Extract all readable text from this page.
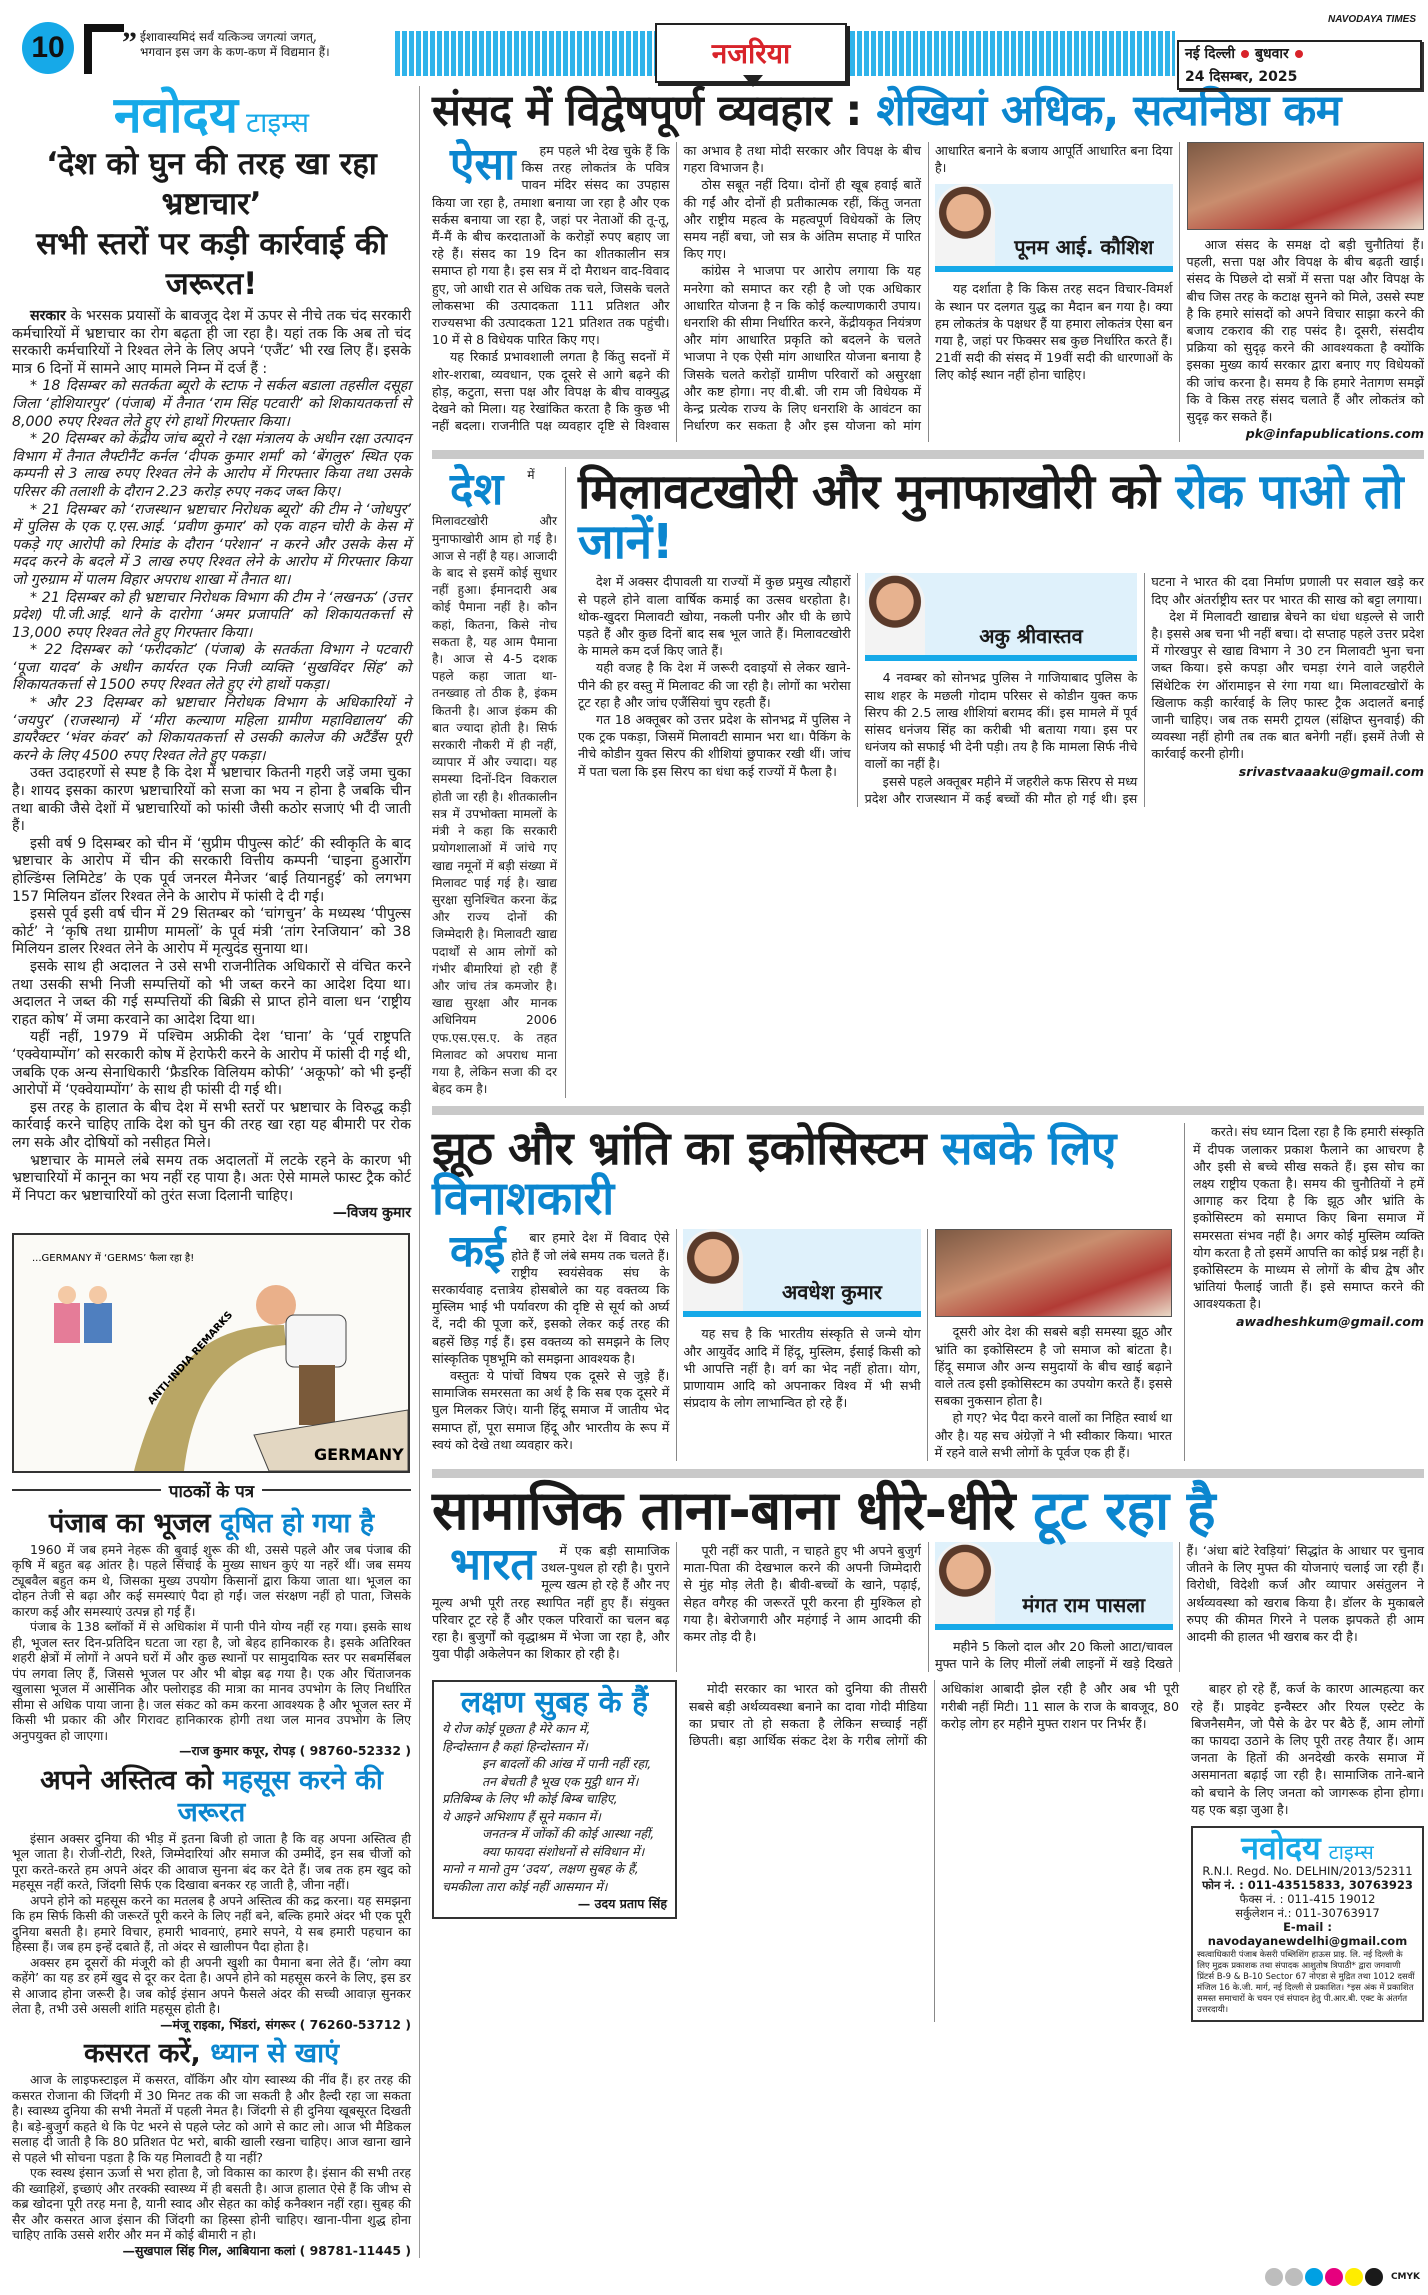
10	” ईशावास्यमिदं सर्वं यत्किञ्च जगत्यां जगत्,
भगवान इस जग के कण-कण में विद्यमान हैं।	नजरिया
NAVODAYA TIMES
नई दिल्ली बुधवार
24 दिसम्बर, 2025
नवोदय टाइम्स
‘देश को घुन की तरह खा रहा भ्रष्टाचार’
सभी स्तरों पर कड़ी कार्रवाई की जरूरत!

सरकार के भरसक प्रयासों के बावजूद देश में ऊपर से नीचे तक चंद सरकारी कर्मचारियों में भ्रष्टाचार का रोग बढ़ता ही जा रहा है। यहां तक कि अब तो चंद सरकारी कर्मचारियों ने रिश्वत लेने के लिए अपने ‘एजैंट’ भी रख लिए हैं। इसके मात्र 6 दिनों में सामने आए मामले निम्न में दर्ज हैं :

* 18 दिसम्बर को सतर्कता ब्यूरो के स्टाफ ने सर्कल बडाला तहसील दसूहा जिला ‘होशियारपुर’ (पंजाब) में तैनात ‘राम सिंह पटवारी’ को शिकायतकर्त्ता से 8,000 रुपए रिश्वत लेते हुए रंगे हाथों गिरफ्तार किया।

* 20 दिसम्बर को केंद्रीय जांच ब्यूरो ने रक्षा मंत्रालय के अधीन रक्षा उत्पादन विभाग में तैनात लैफ्टीनैंट कर्नल ‘दीपक कुमार शर्मा’ को ‘बेंगलुरु’ स्थित एक कम्पनी से 3 लाख रुपए रिश्वत लेने के आरोप में गिरफ्तार किया तथा उसके परिसर की तलाशी के दौरान 2.23 करोड़ रुपए नकद जब्त किए।

* 21 दिसम्बर को ‘राजस्थान भ्रष्टाचार निरोधक ब्यूरो’ की टीम ने ‘जोधपुर’ में पुलिस के एक ए.एस.आई. ‘प्रवीण कुमार’ को एक वाहन चोरी के केस में पकड़े गए आरोपी को रिमांड के दौरान ‘परेशान’ न करने और उसके केस में मदद करने के बदले में 3 लाख रुपए रिश्वत लेने के आरोप में गिरफ्तार किया जो गुरुग्राम में पालम विहार अपराध शाखा में तैनात था।

* 21 दिसम्बर को ही भ्रष्टाचार निरोधक विभाग की टीम ने ‘लखनऊ’ (उत्तर प्रदेश) पी.जी.आई. थाने के दारोगा ‘अमर प्रजापति’ को शिकायतकर्त्ता से 13,000 रुपए रिश्वत लेते हुए गिरफ्तार किया।

* 22 दिसम्बर को ‘फरीदकोट’ (पंजाब) के सतर्कता विभाग ने पटवारी ‘पूजा यादव’ के अधीन कार्यरत एक निजी व्यक्ति ‘सुखविंदर सिंह’ को शिकायतकर्त्ता से 1500 रुपए रिश्वत लेते हुए रंगे हाथों पकड़ा।

* और 23 दिसम्बर को भ्रष्टाचार निरोधक विभाग के अधिकारियों ने ‘जयपुर’ (राजस्थान) में ‘मीरा कल्याण महिला ग्रामीण महाविद्यालय’ की डायरैक्टर ‘भंवर कंवर’ को शिकायतकर्त्ता से उसकी कालेज की अटैंडैंस पूरी करने के लिए 4500 रुपए रिश्वत लेते हुए पकड़ा।

उक्त उदाहरणों से स्पष्ट है कि देश में भ्रष्टाचार कितनी गहरी जड़ें जमा चुका है। शायद इसका कारण भ्रष्टाचारियों को सजा का भय न होना है जबकि चीन तथा बाकी जैसे देशों में भ्रष्टाचारियों को फांसी जैसी कठोर सजाएं भी दी जाती हैं।

इसी वर्ष 9 दिसम्बर को चीन में ‘सुप्रीम पीपुल्स कोर्ट’ की स्वीकृति के बाद भ्रष्टाचार के आरोप में चीन की सरकारी वित्तीय कम्पनी ‘चाइना हुआरोंग होल्डिंग्स लिमिटेड’ के एक पूर्व जनरल मैनेजर ‘बाई तियानहुई’ को लगभग 157 मिलियन डॉलर रिश्वत लेने के आरोप में फांसी दे दी गई।

इससे पूर्व इसी वर्ष चीन में 29 सितम्बर को ‘चांगचुन’ के मध्यस्थ ‘पीपुल्स कोर्ट’ ने ‘कृषि तथा ग्रामीण मामलों’ के पूर्व मंत्री ‘तांग रेनजियान’ को 38 मिलियन डालर रिश्वत लेने के आरोप में मृत्युदंड सुनाया था।

इसके साथ ही अदालत ने उसे सभी राजनीतिक अधिकारों से वंचित करने तथा उसकी सभी निजी सम्पत्तियों को भी जब्त करने का आदेश दिया था। अदालत ने जब्त की गई सम्पत्तियों की बिक्री से प्राप्त होने वाला धन ‘राष्ट्रीय राहत कोष’ में जमा करवाने का आदेश दिया था।

यहीं नहीं, 1979 में पश्चिम अफ्रीकी देश ‘घाना’ के ‘पूर्व राष्ट्रपति ‘एक्वेयाम्पोंग’ को सरकारी कोष में हेराफेरी करने के आरोप में फांसी दी गई थी, जबकि एक अन्य सेनाधिकारी ‘फ्रैडरिक विलियम कोफी’ ‘अकूफो’ को भी इन्हीं आरोपों में ‘एक्वेयाम्पोंग’ के साथ ही फांसी दी गई थी।

इस तरह के हालात के बीच देश में सभी स्तरों पर भ्रष्टाचार के विरुद्ध कड़ी कार्रवाई करने चाहिए ताकि देश को घुन की तरह खा रहा यह बीमारी पर रोक लग सके और दोषियों को नसीहत मिले।

भ्रष्टाचार के मामले लंबे समय तक अदालतों में लटके रहने के कारण भी भ्रष्टाचारियों में कानून का भय नहीं रह पाया है। अतः ऐसे मामले फास्ट ट्रैक कोर्ट में निपटा कर भ्रष्टाचारियों को तुरंत सजा दिलानी चाहिए।

—विजय कुमार
...GERMANY में ‘GERMS’ फैला रहा है!
ANTI-INDIA REMARKS
GERMANY
पाठकों के पत्र
पंजाब का भूजल दूषित हो गया है

1960 में जब हमने नेहरू की बुवाई शुरू की थी, उससे पहले और जब पंजाब की कृषि में बहुत बढ़ आंतर है। पहले सिंचाई के मुख्य साधन कुएं या नहरें थीं। जब समय ट्यूबवैल बहुत कम थे, जिसका मुख्य उपयोग किसानों द्वारा किया जाता था। भूजल का दोहन तेजी से बढ़ा और कई समस्याएं पैदा हो गईं। जल संरक्षण नहीं हो पाता, जिसके कारण कई और समस्याएं उत्पन्न हो गई हैं।

पंजाब के 138 ब्लॉकों में से अधिकांश में पानी पीने योग्य नहीं रह गया। इसके साथ ही, भूजल स्तर दिन-प्रतिदिन घटता जा रहा है, जो बेहद हानिकारक है। इसके अतिरिक्त शहरी क्षेत्रों में लोगों ने अपने घरों में और कुछ स्थानों पर सामुदायिक स्तर पर सबमर्सिबल पंप लगवा लिए हैं, जिससे भूजल पर और भी बोझ बढ़ गया है। एक और चिंताजनक खुलासा भूजल में आर्सेनिक और फ्लोराइड की मात्रा का मानव उपभोग के लिए निर्धारित सीमा से अधिक पाया जाना है। जल संकट को कम करना आवश्यक है और भूजल स्तर में किसी भी प्रकार की और गिरावट हानिकारक होगी तथा जल मानव उपभोग के लिए अनुपयुक्त हो जाएगा।

—राज कुमार कपूर, रोपड़ ( 98760-52332 )
अपने अस्तित्व को महसूस करने की जरूरत

इंसान अक्सर दुनिया की भीड़ में इतना बिजी हो जाता है कि वह अपना अस्तित्व ही भूल जाता है। रोजी-रोटी, रिश्ते, जिम्मेदारियां और समाज की उम्मीदें, इन सब चीजों को पूरा करते-करते हम अपने अंदर की आवाज सुनना बंद कर देते हैं। जब तक हम खुद को महसूस नहीं करते, जिंदगी सिर्फ एक दिखावा बनकर रह जाती है, जीना नहीं।

अपने होने को महसूस करने का मतलब है अपने अस्तित्व की कद्र करना। यह समझना कि हम सिर्फ किसी की जरूरतें पूरी करने के लिए नहीं बने, बल्कि हमारे अंदर भी एक पूरी दुनिया बसती है। हमारे विचार, हमारी भावनाएं, हमारे सपने, ये सब हमारी पहचान का हिस्सा हैं। जब हम इन्हें दबाते हैं, तो अंदर से खालीपन पैदा होता है।

अक्सर हम दूसरों की मंजूरी को ही अपनी खुशी का पैमाना बना लेते हैं। ‘लोग क्या कहेंगे’ का यह डर हमें खुद से दूर कर देता है। अपने होने को महसूस करने के लिए, इस डर से आजाद होना जरूरी है। जब कोई इंसान अपने फैसले अंदर की सच्ची आवाज़ सुनकर लेता है, तभी उसे असली शांति महसूस होती है।

—मंजू राइका, भिंडरां, संगरूर ( 76260-53712 )
कसरत करें, ध्यान से खाएं

आज के लाइफस्टाइल में कसरत, वॉकिंग और योग स्वास्थ्य की नींव हैं। हर तरह की कसरत रोजाना की जिंदगी में 30 मिनट तक की जा सकती है और हैल्दी रहा जा सकता है। स्वास्थ्य दुनिया की सभी नेमतों में पहली नेमत है। जिंदगी से ही दुनिया खूबसूरत दिखती है। बड़े-बुजुर्ग कहते थे कि पेट भरने से पहले प्लेट को आगे से काट लो। आज भी मैडिकल सलाह दी जाती है कि 80 प्रतिशत पेट भरो, बाकी खाली रखना चाहिए। आज खाना खाने से पहले भी सोचना पड़ता है कि यह मिलावटी है या नहीं?

एक स्वस्थ इंसान ऊर्जा से भरा होता है, जो विकास का कारण है। इंसान की सभी तरह की ख्वाहिशें, इच्छाएं और तरक्की स्वास्थ्य में ही बसती है। आज हालात ऐसे हैं कि जीभ से कब्र खोदना पूरी तरह मना है, यानी स्वाद और सेहत का कोई कनैक्शन नहीं रहा। सुबह की सैर और कसरत आज इंसान की जिंदगी का हिस्सा होनी चाहिए। खाना-पीना शुद्ध होना चाहिए ताकि उससे शरीर और मन में कोई बीमारी न हो।

—सुखपाल सिंह गिल, आबियाना कलां ( 98781-11445 )
संसद में विद्वेषपूर्ण व्यवहार : शेखियां अधिक, सत्यनिष्ठा कम

ऐसा हम पहले भी देख चुके हैं कि किस तरह लोकतंत्र के पवित्र पावन मंदिर संसद का उपहास किया जा रहा है, तमाशा बनाया जा रहा है और एक सर्कस बनाया जा रहा है, जहां पर नेताओं की तू-तू, मैं-मैं के बीच करदाताओं के करोड़ों रुपए बहाए जा रहे हैं। संसद का 19 दिन का शीतकालीन सत्र समाप्त हो गया है। इस सत्र में दो मैराथन वाद-विवाद हुए, जो आधी रात से अधिक तक चले, जिसके चलते लोकसभा की उत्पादकता 111 प्रतिशत और राज्यसभा की उत्पादकता 121 प्रतिशत तक पहुंची। 10 में से 8 विधेयक पारित किए गए।

यह रिकार्ड प्रभावशाली लगता है किंतु सदनों में शोर-शराबा, व्यवधान, एक दूसरे से आगे बढ़ने की होड़, कटुता, सत्ता पक्ष और विपक्ष के बीच वाक्युद्ध देखने को मिला। यह रेखांकित करता है कि कुछ भी नहीं बदला। राजनीति पक्ष व्यवहार दृष्टि से विश्वास का अभाव है तथा मोदी सरकार और विपक्ष के बीच गहरा विभाजन है।

ठोस सबूत नहीं दिया। दोनों ही खूब हवाई बातें की गईं और दोनों ही प्रतीकात्मक रहीं, किंतु जनता और राष्ट्रीय महत्व के महत्वपूर्ण विधेयकों के लिए समय नहीं बचा, जो सत्र के अंतिम सप्ताह में पारित किए गए।

कांग्रेस ने भाजपा पर आरोप लगाया कि यह मनरेगा को समाप्त कर रही है जो एक अधिकार आधारित योजना है न कि कोई कल्याणकारी उपाय। धनराशि की सीमा निर्धारित करने, केंद्रीयकृत नियंत्रण और मांग आधारित प्रकृति को बदलने के चलते भाजपा ने एक ऐसी मांग आधारित योजना बनाया है जिसके चलते करोड़ों ग्रामीण परिवारों को असुरक्षा और कष्ट होगा। नए वी.बी. जी राम जी विधेयक में केन्द्र प्रत्येक राज्य के लिए धनराशि के आवंटन का निर्धारण कर सकता है और इस योजना को मांग आधारित बनाने के बजाय आपूर्ति आधारित बना दिया है।

पूनम आई. कौशिश

यह दर्शाता है कि किस तरह सदन विचार-विमर्श के स्थान पर दलगत युद्ध का मैदान बन गया है। क्या हम लोकतंत्र के पक्षधर हैं या हमारा लोकतंत्र ऐसा बन गया है, जहां पर फिक्सर सब कुछ निर्धारित करते हैं। 21वीं सदी की संसद में 19वीं सदी की धारणाओं के लिए कोई स्थान नहीं होना चाहिए।

आज संसद के समक्ष दो बड़ी चुनौतियां हैं। पहली, सत्ता पक्ष और विपक्ष के बीच बढ़ती खाई। संसद के पिछले दो सत्रों में सत्ता पक्ष और विपक्ष के बीच जिस तरह के कटाक्ष सुनने को मिले, उससे स्पष्ट है कि हमारे सांसदों को अपने विचार साझा करने की बजाय टकराव की राह पसंद है। दूसरी, संसदीय प्रक्रिया को सुदृढ़ करने की आवश्यकता है क्योंकि इसका मुख्य कार्य सरकार द्वारा बनाए गए विधेयकों की जांच करना है। समय है कि हमारे नेतागण समझें कि वे किस तरह संसद चलाते हैं और लोकतंत्र को सुदृढ़ कर सकते हैं।

pk@infapublications.com

देश में मिलावटखोरी और मुनाफाखोरी आम हो गई है। आज से नहीं है यह। आजादी के बाद से इसमें कोई सुधार नहीं हुआ। ईमानदारी अब कोई पैमाना नहीं है। कौन कहां, कितना, किसे नोच सकता है, यह आम पैमाना है। आज से 4-5 दशक पहले कहा जाता था- तनख्वाह तो ठीक है, इंकम कितनी है। आज इंकम की बात ज्यादा होती है। सिर्फ सरकारी नौकरी में ही नहीं, व्यापार में और ज्यादा। यह समस्या दिनों-दिन विकराल होती जा रही है। शीतकालीन सत्र में उपभोक्ता मामलों के मंत्री ने कहा कि सरकारी प्रयोगशालाओं में जांचे गए खाद्य नमूनों में बड़ी संख्या में मिलावट पाई गई है। खाद्य सुरक्षा सुनिश्चित करना केंद्र और राज्य दोनों की जिम्मेदारी है। मिलावटी खाद्य पदार्थों से आम लोगों को गंभीर बीमारियां हो रही हैं और जांच तंत्र कमजोर है। खाद्य सुरक्षा और मानक अधिनियम 2006 एफ.एस.एस.ए. के तहत मिलावट को अपराध माना गया है, लेकिन सजा की दर बेहद कम है।

मिलावटखोरी और मुनाफाखोरी को रोक पाओ तो जानें!

देश में अक्सर दीपावली या राज्यों में कुछ प्रमुख त्यौहारों से पहले होने वाला वार्षिक कमाई का उत्सव धरहोता है। थोक-खुदरा मिलावटी खोया, नकली पनीर और घी के छापे पड़ते हैं और कुछ दिनों बाद सब भूल जाते हैं। मिलावटखोरी के मामले कम दर्ज किए जाते हैं।

यही वजह है कि देश में जरूरी दवाइयों से लेकर खाने-पीने की हर वस्तु में मिलावट की जा रही है। लोगों का भरोसा टूट रहा है और जांच एजैंसियां चुप रहती हैं।

गत 18 अक्तूबर को उत्तर प्रदेश के सोनभद्र में पुलिस ने एक ट्रक पकड़ा, जिसमें मिलावटी सामान भरा था। पैकिंग के नीचे कोडीन युक्त सिरप की शीशियां छुपाकर रखी थीं। जांच में पता चला कि इस सिरप का धंधा कई राज्यों में फैला है।

अकु श्रीवास्तव

4 नवम्बर को सोनभद्र पुलिस ने गाजियाबाद पुलिस के साथ शहर के मछली गोदाम परिसर से कोडीन युक्त कफ सिरप की 2.5 लाख शीशियां बरामद कीं। इस मामले में पूर्व सांसद धनंजय सिंह का करीबी भी बताया गया। इस पर धनंजय को सफाई भी देनी पड़ी। तय है कि मामला सिर्फ नीचे वालों का नहीं है।

इससे पहले अक्तूबर महीने में जहरीले कफ सिरप से मध्य प्रदेश और राजस्थान में कई बच्चों की मौत हो गई थी। इस घटना ने भारत की दवा निर्माण प्रणाली पर सवाल खड़े कर दिए और अंतर्राष्ट्रीय स्तर पर भारत की साख को बट्टा लगाया।

देश में मिलावटी खाद्यान्न बेचने का धंधा धड़ल्ले से जारी है। इससे अब चना भी नहीं बचा। दो सप्ताह पहले उत्तर प्रदेश में गोरखपुर से खाद्य विभाग ने 30 टन मिलावटी भुना चना जब्त किया। इसे कपड़ा और चमड़ा रंगने वाले जहरीले सिंथेटिक रंग ऑरामाइन से रंगा गया था। मिलावटखोरों के खिलाफ कड़ी कार्रवाई के लिए फास्ट ट्रैक अदालतें बनाई जानी चाहिए। जब तक समरी ट्रायल (संक्षिप्त सुनवाई) की व्यवस्था नहीं होगी तब तक बात बनेगी नहीं। इसमें तेजी से कार्रवाई करनी होगी।

srivastvaaaku@gmail.com

झूठ और भ्रांति का इकोसिस्टम सबके लिए विनाशकारी

कई बार हमारे देश में विवाद ऐसे होते हैं जो लंबे समय तक चलते हैं। राष्ट्रीय स्वयंसेवक संघ के सरकार्यवाह दत्तात्रेय होसबोले का यह वक्तव्य कि मुस्लिम भाई भी पर्यावरण की दृष्टि से सूर्य को अर्घ्य दें, नदी की पूजा करें, इसको लेकर कई तरह की बहसें छिड़ गई हैं। इस वक्तव्य को समझने के लिए सांस्कृतिक पृष्ठभूमि को समझना आवश्यक है।

वस्तुतः ये पांचों विषय एक दूसरे से जुड़े हैं। सामाजिक समरसता का अर्थ है कि सब एक दूसरे में घुल मिलकर जिएं। यानी हिंदू समाज में जातीय भेद समाप्त हों, पूरा समाज हिंदू और भारतीय के रूप में स्वयं को देखे तथा व्यवहार करे।

अवधेश कुमार

यह सच है कि भारतीय संस्कृति से जन्मे योग और आयुर्वेद आदि में हिंदू, मुस्लिम, ईसाई किसी को भी आपत्ति नहीं है। वर्ग का भेद नहीं होता। योग, प्राणायाम आदि को अपनाकर विश्व में भी सभी संप्रदाय के लोग लाभान्वित हो रहे हैं।

दूसरी ओर देश की सबसे बड़ी समस्या झूठ और भ्रांति का इकोसिस्टम है जो समाज को बांटता है। हिंदू समाज और अन्य समुदायों के बीच खाई बढ़ाने वाले तत्व इसी इकोसिस्टम का उपयोग करते हैं। इससे सबका नुकसान होता है।

हो गए? भेद पैदा करने वालों का निहित स्वार्थ था और है। यह सच अंग्रेज़ों ने भी स्वीकार किया। भारत में रहने वाले सभी लोगों के पूर्वज एक ही हैं।

करते। संघ ध्यान दिला रहा है कि हमारी संस्कृति में दीपक जलाकर प्रकाश फैलाने का आचरण है और इसी से बच्चे सीख सकते हैं। इस सोच का लक्ष्य राष्ट्रीय एकता है। समय की चुनौतियों ने हमें आगाह कर दिया है कि झूठ और भ्रांति के इकोसिस्टम को समाप्त किए बिना समाज में समरसता संभव नहीं है। अगर कोई मुस्लिम व्यक्ति योग करता है तो इसमें आपत्ति का कोई प्रश्न नहीं है। इकोसिस्टम के माध्यम से लोगों के बीच द्वेष और भ्रांतियां फैलाई जाती हैं। इसे समाप्त करने की आवश्यकता है।

awadheshkum@gmail.com

सामाजिक ताना-बाना धीरे-धीरे टूट रहा है

भारत में एक बड़ी सामाजिक उथल-पुथल हो रही है। पुराने मूल्य खत्म हो रहे हैं और नए मूल्य अभी पूरी तरह स्थापित नहीं हुए हैं। संयुक्त परिवार टूट रहे हैं और एकल परिवारों का चलन बढ़ रहा है। बुजुर्गों को वृद्धाश्रम में भेजा जा रहा है, और युवा पीढ़ी अकेलेपन का शिकार हो रही है।

पूरी नहीं कर पाती, न चाहते हुए भी अपने बुजुर्ग माता-पिता की देखभाल करने की अपनी जिम्मेदारी से मुंह मोड़ लेती है। बीवी-बच्चों के खाने, पढ़ाई, सेहत वगैरह की जरूरतें पूरी करना ही मुश्किल हो गया है। बेरोजगारी और महंगाई ने आम आदमी की कमर तोड़ दी है।

मंगत राम पासला

महीने 5 किलो दाल और 20 किलो आटा/चावल मुफ्त पाने के लिए मीलों लंबी लाइनों में खड़े दिखते हैं। ‘अंधा बांटे रेवड़ियां’ सिद्धांत के आधार पर चुनाव जीतने के लिए मुफ्त की योजनाएं चलाई जा रही हैं। विरोधी, विदेशी कर्ज और व्यापार असंतुलन ने अर्थव्यवस्था को खराब किया है। डॉलर के मुकाबले रुपए की कीमत गिरने ने पलक झपकते ही आम आदमी की हालत भी खराब कर दी है।

लक्षण सुबह के हैं
ये रोज कोई पूछता है मेरे कान में,
हिन्दोस्तान है कहां हिन्दोस्तान में।
इन बादलों की आंख में पानी नहीं रहा,
तन बेचती है भूख एक मुट्ठी धान में।
प्रतिबिम्ब के लिए भी कोई बिम्ब चाहिए,
ये आइने अभिशाप हैं सूने मकान में।
जनतन्त्र में जोंकों की कोई आस्था नहीं,
क्या फायदा संशोधनों से संविधान में।
मानो न मानो तुम ‘उदय’, लक्षण सुबह के हैं,
चमकीला तारा कोई नहीं आसमान में।
— उदय प्रताप सिंह

मोदी सरकार का भारत को दुनिया की तीसरी सबसे बड़ी अर्थव्यवस्था बनाने का दावा गोदी मीडिया का प्रचार तो हो सकता है लेकिन सच्चाई नहीं छिपती। बड़ा आर्थिक संकट देश के गरीब लोगों की अधिकांश आबादी झेल रही है और अब भी पूरी गरीबी नहीं मिटी। 11 साल के राज के बावजूद, 80 करोड़ लोग हर महीने मुफ्त राशन पर निर्भर हैं।

बाहर हो रहे हैं, कर्ज के कारण आत्महत्या कर रहे हैं। प्राइवेट इन्वैस्टर और रियल एस्टेट के बिजनैसमैन, जो पैसे के ढेर पर बैठे हैं, आम लोगों का फायदा उठाने के लिए पूरी तरह तैयार हैं। आम जनता के हितों की अनदेखी करके समाज में असमानता बढ़ाई जा रही है। सामाजिक ताने-बाने को बचाने के लिए जनता को जागरूक होना होगा। यह एक बड़ा जुआ है।

नवोदय टाइम्स
R.N.I. Regd. No. DELHIN/2013/52311
फोन नं. : 011-43515833, 30763923
फैक्स नं. : 011-415 19012
सर्कुलेशन नं.: 011-30763917
E-mail : navodayanewdelhi@gmail.com
स्वत्वाधिकारी पंजाब केसरी पब्लिशिंग हाऊस प्राइ. लि. नई दिल्ली के लिए मुद्रक प्रकाशक तथा संपादक आशुतोष त्रिपाठी* द्वारा जगवाणी प्रिंटर्स B-9 & B-10 Sector 67 नोएडा से मुद्रित तथा 1012 दसवीं मंजिल 16 के.जी. मार्ग, नई दिल्ली से प्रकाशित। *इस अंक में प्रकाशित समस्त समाचारों के चयन एवं संपादन हेतु पी.आर.बी. एक्ट के अंतर्गत उत्तरदायी।
CMYK
